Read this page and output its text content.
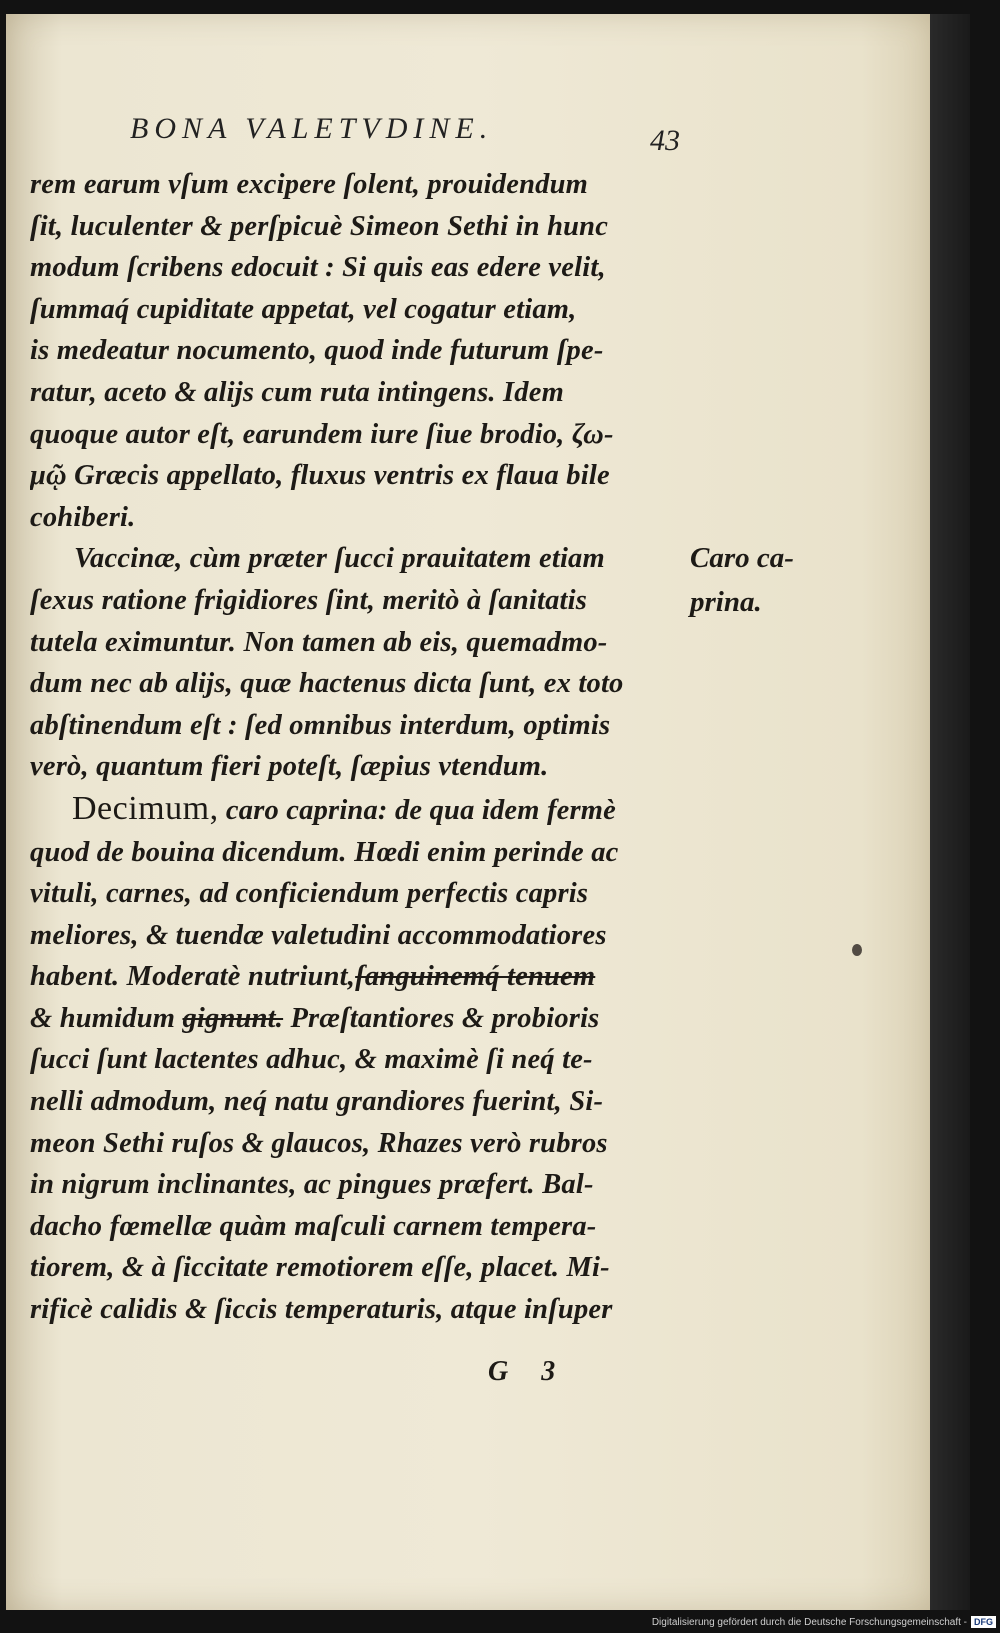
BONA VALETVDINE.	43
rem earum vſum excipere ſolent, prouidendum
ſit, luculenter & perſpicuè Simeon Sethi in hunc
modum ſcribens edocuit : Si quis eas edere velit,
ſummaq́ cupiditate appetat, vel cogatur etiam,
is medeatur nocumento, quod inde futurum ſpe-
ratur, aceto & alijs cum ruta intingens. Idem
quoque autor eſt, earundem iure ſiue brodio, ζω-
μῷ Græcis appellato, fluxus ventris ex flaua bile
cohiberi.
Vaccinæ, cùm præter ſucci prauitatem etiam
ſexus ratione frigidiores ſint, meritò à ſanitatis
tutela eximuntur. Non tamen ab eis, quemadmo-
dum nec ab alijs, quæ hactenus dicta ſunt, ex toto
abſtinendum eſt : ſed omnibus interdum, optimis
verò, quantum fieri poteſt, ſæpius vtendum.
Decimum, caro caprina: de qua idem fermè
quod de bouina dicendum. Hœdi enim perinde ac
vituli, carnes, ad conficiendum perfectis capris
meliores, & tuendæ valetudini accommodatiores
habent. Moderatè nutriunt,ſanguinemq́ tenuem
& humidum gignunt. Præſtantiores & probioris
ſucci ſunt lactentes adhuc, & maximè ſi neq́ te-
nelli admodum, neq́ natu grandiores fuerint, Si-
meon Sethi ruſos & glaucos, Rhazes verò rubros
in nigrum inclinantes, ac pingues præfert. Bal-
dacho fœmellæ quàm maſculi carnem tempera-
tiorem, & à ſiccitate remotiorem eſſe, placet. Mi-
rificè calidis & ſiccis temperaturis, atque inſuper
Caro ca-
prina.
G 3
Digitalisierung gefördert durch die Deutsche Forschungsgemeinschaft - DFG
